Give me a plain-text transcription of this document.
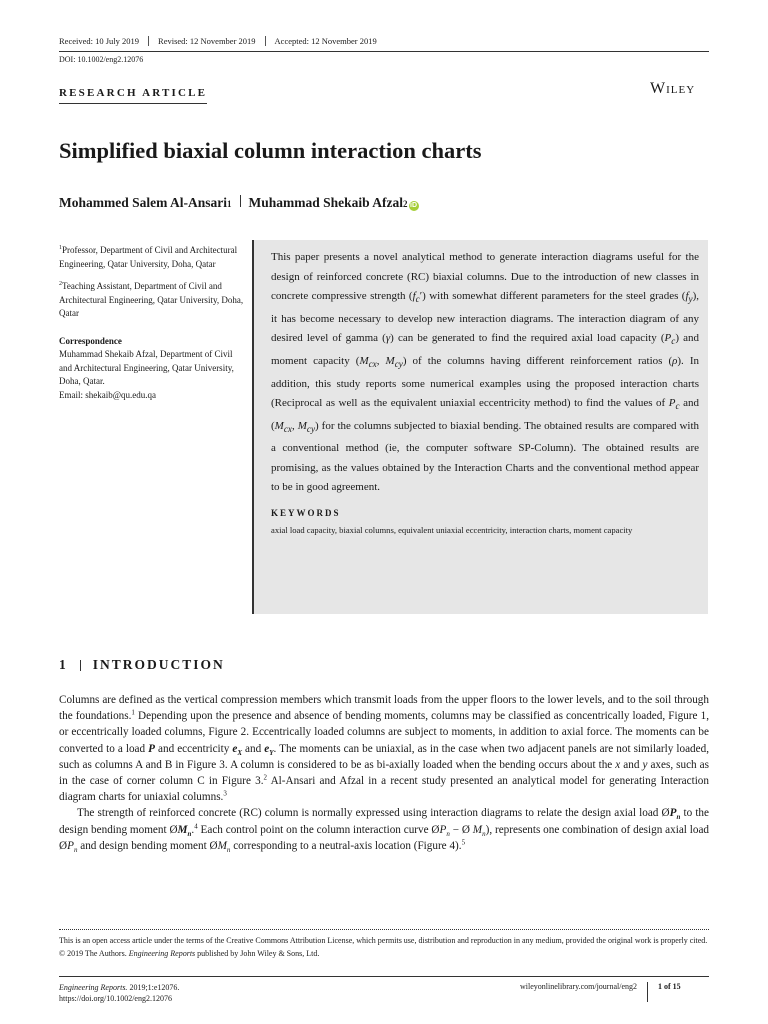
Received: 10 July 2019 Revised: 12 November 2019 Accepted: 12 November 2019
DOI: 10.1002/eng2.12076
RESEARCH ARTICLE	Wiley
Simplified biaxial column interaction charts
Mohammed Salem Al-Ansari 1 Muhammad Shekaib Afzal 2 iD

$^1$Professor, Department of Civil and Architectural Engineering, Qatar University, Doha, Qatar

$^2$Teaching Assistant, Department of Civil and Architectural Engineering, Qatar University, Doha, Qatar

Correspondence
Muhammad Shekaib Afzal, Department of Civil and Architectural Engineering, Qatar University, Doha, Qatar.
Email: shekaib@qu.edu.qa
This paper presents a novel analytical method to generate interaction diagrams useful for the design of reinforced concrete (RC) biaxial columns. Due to the introduction of new classes in concrete compressive strength $(f_c')$ with somewhat different parameters for the steel grades $(f_y)$, it has become necessary to develop new interaction diagrams. The interaction diagram of any desired level of gamma (γ) can be generated to find the required axial load capacity $(P_c)$ and moment capacity ($M_{cx}$, $M_{cy}$) of the columns having different reinforcement ratios (ρ). In addition, this study reports some numerical examples using the proposed interaction charts (Reciprocal as well as the equivalent uniaxial eccentricity method) to find the values of $P_c$ and ($M_{cx}$, $M_{cy}$) for the columns subjected to biaxial bending. The obtained results are compared with a conventional method (ie, the computer software SP-Column). The obtained results are promising, as the values obtained by the Interaction Charts and the conventional method appear to be in good agreement.
KEYWORDS
axial load capacity, biaxial columns, equivalent uniaxial eccentricity, interaction charts, moment capacity
1 INTRODUCTION

Columns are defined as the vertical compression members which transmit loads from the upper floors to the lower levels, and to the soil through the foundations.$^1$ Depending upon the presence and absence of bending moments, columns may be classified as concentrically loaded, Figure 1, or eccentrically loaded columns, Figure 2. Eccentrically loaded columns are subject to moments, in addition to axial force. The moments can be converted to a load P and eccentricity $e_X$ and $e_Y$. The moments can be uniaxial, as in the case when two adjacent panels are not similarly loaded, such as columns A and B in Figure 3. A column is considered to be as bi-axially loaded when the bending occurs about the x and y axes, such as in the case of corner column C in Figure 3.$^2$ Al-Ansari and Afzal in a recent study presented an analytical model for generating Interaction diagram charts for uniaxial columns.$^3$

The strength of reinforced concrete (RC) column is normally expressed using interaction diagrams to relate the design axial load $ØP_n$ to the design bending moment $ØM_n.^4$ Each control point on the column interaction curve $ØP_n$ − Ø $M_n$), represents one combination of design axial load $ØP_n$ and design bending moment $ØM_n$ corresponding to a neutral-axis location (Figure 4).$^5$

This is an open access article under the terms of the Creative Commons Attribution License, which permits use, distribution and reproduction in any medium, provided the original work is properly cited.

© 2019 The Authors. Engineering Reports published by John Wiley & Sons, Ltd.

Engineering Reports. 2019;1:e12076.
https://doi.org/10.1002/eng2.12076
wileyonlinelibrary.com/journal/eng2	1 of 15
